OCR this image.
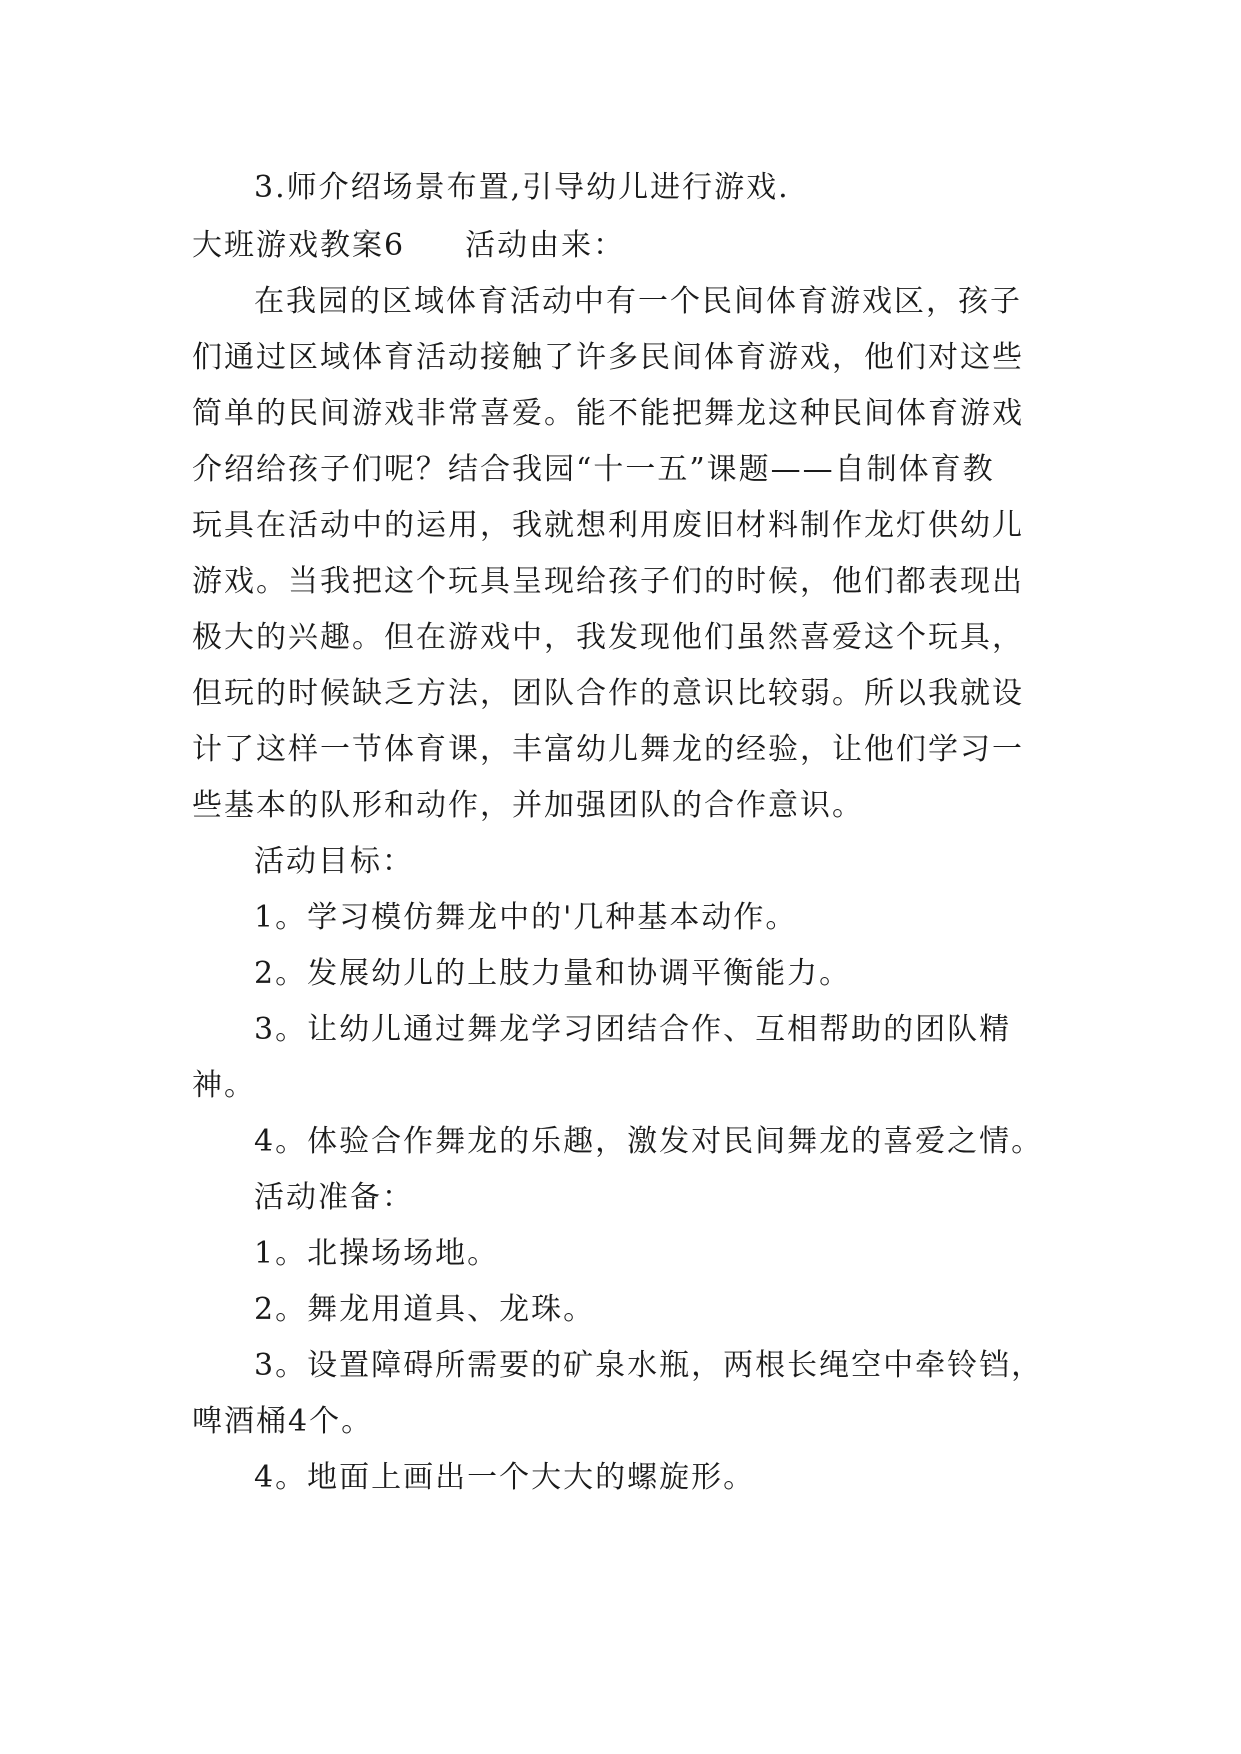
3.师介绍场景布置,引导幼儿进行游戏.
大班游戏教案6 活动由来：
在我园的区域体育活动中有一个民间体育游戏区，孩子
们通过区域体育活动接触了许多民间体育游戏，他们对这些
简单的民间游戏非常喜爱。能不能把舞龙这种民间体育游戏
介绍给孩子们呢？结合我园“十一五”课题——自制体育教
玩具在活动中的运用，我就想利用废旧材料制作龙灯供幼儿
游戏。当我把这个玩具呈现给孩子们的时候，他们都表现出
极大的兴趣。但在游戏中，我发现他们虽然喜爱这个玩具，
但玩的时候缺乏方法，团队合作的意识比较弱。所以我就设
计了这样一节体育课，丰富幼儿舞龙的经验，让他们学习一
些基本的队形和动作，并加强团队的合作意识。
活动目标：
1。学习模仿舞龙中的'几种基本动作。
2。发展幼儿的上肢力量和协调平衡能力。
3。让幼儿通过舞龙学习团结合作、互相帮助的团队精
神。
4。体验合作舞龙的乐趣，激发对民间舞龙的喜爱之情。
活动准备：
1。北操场场地。
2。舞龙用道具、龙珠。
3。设置障碍所需要的矿泉水瓶，两根长绳空中牵铃铛，
啤酒桶4个。
4。地面上画出一个大大的螺旋形。
